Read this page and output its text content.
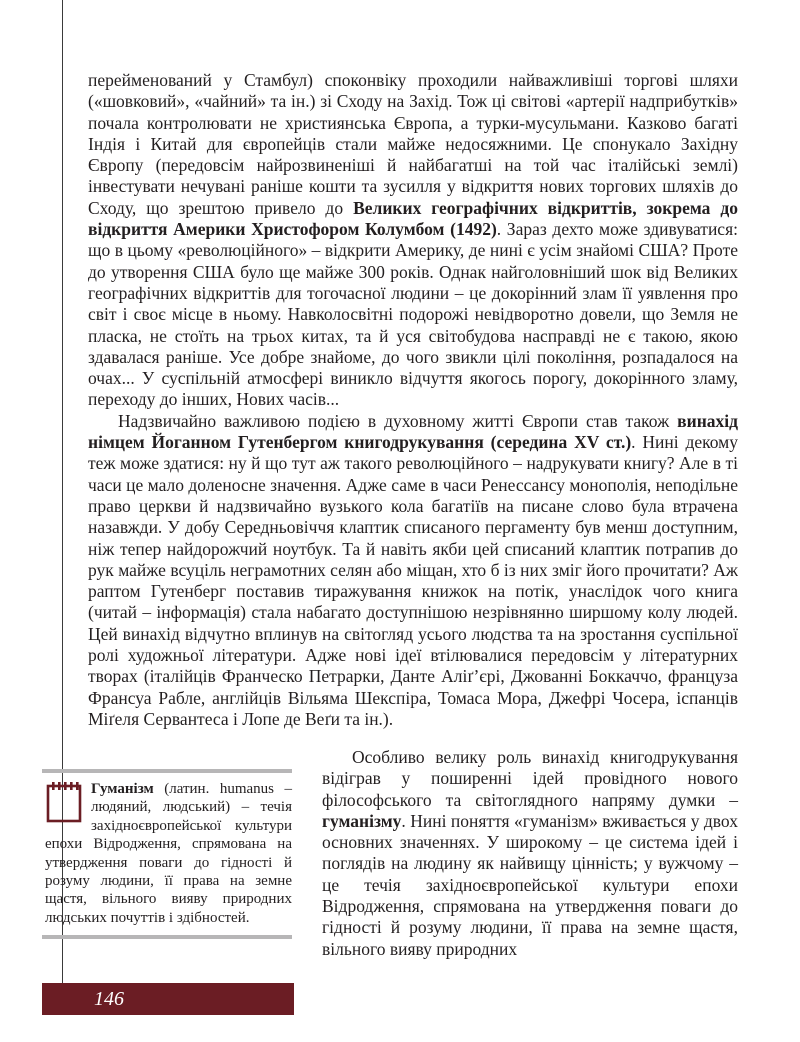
перейменований у Стамбул) споконвіку проходили найважливіші торгові шляхи («шовковий», «чайний» та ін.) зі Сходу на Захід. Тож ці світові «артерії надприбутків» почала контролювати не християнська Європа, а турки-мусульмани. Казково багаті Індія і Китай для європейців стали майже недосяжними. Це спонукало Західну Європу (передовсім найрозвиненіші й найбагатші на той час італійські землі) інвестувати нечувані раніше кошти та зусилля у відкриття нових торгових шляхів до Сходу, що зрештою привело до Великих географічних відкриттів, зокрема до відкриття Америки Христофором Колумбом (1492). Зараз дехто може здивуватися: що в цьому «революційного» – відкрити Америку, де нині є усім знайомі США? Проте до утворення США було ще майже 300 років. Однак найголовніший шок від Великих географічних відкриттів для тогочасної людини – це докорінний злам її уявлення про світ і своє місце в ньому. Навколосвітні подорожі невідворотно довели, що Земля не пласка, не стоїть на трьох китах, та й уся світобудова насправді не є такою, якою здавалася раніше. Усе добре знайоме, до чого звикли цілі покоління, розпадалося на очах... У суспільній атмосфері виникло відчуття якогось порогу, докорінного зламу, переходу до інших, Нових часів...

Надзвичайно важливою подією в духовному житті Європи став також винахід німцем Йоганном Гутенбергом книгодрукування (середина XV ст.). Нині декому теж може здатися: ну й що тут аж такого революційного – надрукувати книгу? Але в ті часи це мало доленосне значення. Адже саме в часи Ренессансу монополія, неподільне право церкви й надзвичайно вузького кола багатіїв на писане слово була втрачена назавжди. У добу Середньовіччя клаптик списаного пергаменту був менш доступним, ніж тепер найдорожчий ноутбук. Та й навіть якби цей списаний клаптик потрапив до рук майже всуціль неграмотних селян або міщан, хто б із них зміг його прочитати? Аж раптом Гутенберг поставив тиражування книжок на потік, унаслідок чого книга (читай – інформація) стала набагато доступнішою незрівнянно ширшому колу людей. Цей винахід відчутно вплинув на світогляд усього людства та на зростання суспільної ролі художньої літератури. Адже нові ідеї втілювалися передовсім у літературних творах (італійців Франческо Петрарки, Данте Аліґ’єрі, Джованні Боккаччо, француза Франсуа Рабле, англійців Вільяма Шекспіра, Томаса Мора, Джефрі Чосера, іспанців Міґеля Сервантеса і Лопе де Веґи та ін.).

Гуманізм (латин. humanus – людяний, людський) – течія західноєвропейської культури епохи Відродження, спрямована на утвердження поваги до гідності й розуму людини, її права на земне щастя, вільного вияву природних людських почуттів і здібностей.

Особливо велику роль винахід книгодрукування відіграв у поширенні ідей провідного нового філософського та світоглядного напряму думки – гуманізму. Нині поняття «гуманізм» вживається у двох основних значеннях. У широкому – це система ідей і поглядів на людину як найвищу цінність; у вужчому – це течія західноєвропейської культури епохи Відродження, спрямована на утвердження поваги до гідності й розуму людини, її права на земне щастя, вільного вияву природних

146
